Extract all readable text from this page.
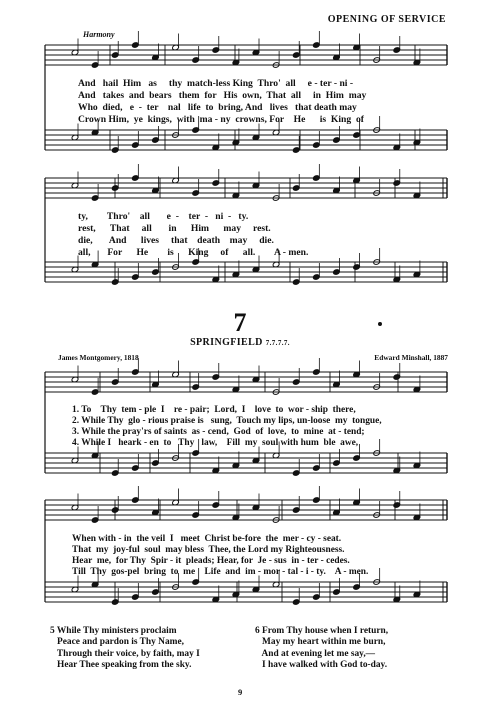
OPENING OF SERVICE
Harmony
And   hail  Him   as     thy  match-less King  Thro'  all     e - ter - ni -
And   takes  and  bears   them  for   His  own,  That  all     in  Him  may
Who  died,   e  -  ter    nal   life  to  bring, And   lives   that death may
Crown Him,  ye  kings,  with  ma - ny  crowns, For    He      is  King  of
ty,        Thro'    all       e  -    ter  -   ni  -   ty.
rest,      That     all       in      Him      may     rest.
die,       And      lives     that    death    may     die.
all,       For      He        is      King     of      all.        A - men.
7
SPRINGFIELD 7.7.7.7.
James Montgomery, 1818	Edward Minshall, 1887
1. To    Thy  tem - ple  I    re - pair;  Lord,  I    love  to  wor - ship  there,
2. While Thy  glo - rious praise is   sung,  Touch my lips, un-loose  my  tongue,
3. While the pray'rs of saints  as - cend,  God  of  love,  to  mine  at - tend;
4. While I   heark - en  to   Thy   law,    Fill  my  soul with hum  ble  awe,
When with - in  the veil  I   meet  Christ be-fore  the  mer - cy - seat.
That  my  joy-ful  soul  may bless  Thee, the Lord my Righteousness.
Hear  me,  for Thy  Spir - it  pleads; Hear, for  Je - sus  in - ter - cedes.
Till  Thy  gos-pel  bring  to  me    Life  and  im - mor - tal - i - ty.    A - men.
5 While Thy ministers proclaim
Peace and pardon is Thy Name,
Through their voice, by faith, may I
Hear Thee speaking from the sky.
6 From Thy house when I return,
May my heart within me burn,
And at evening let me say,—
I have walked with God to-day.
9
